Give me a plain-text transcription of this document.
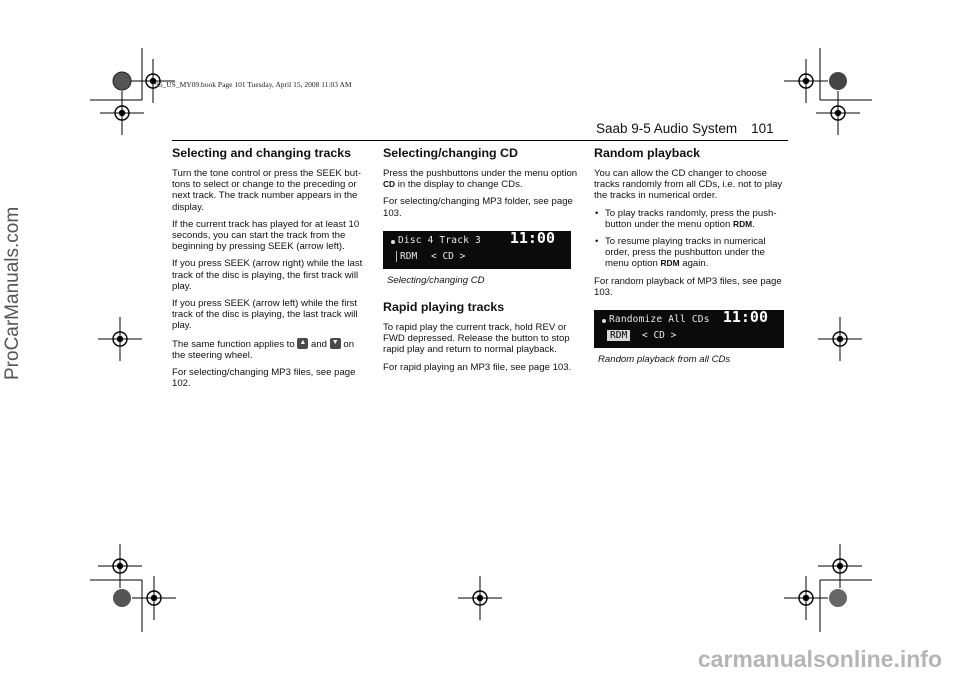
95_US_MY09.book Page 101 Tuesday, April 15, 2008 11:03 AM
Saab 9-5 Audio System 101
Selecting and changing tracks

Turn the tone control or press the SEEK but-tons to select or change to the preceding or next track. The track number appears in the display.

If the current track has played for at least 10 seconds, you can start the track from the beginning by pressing SEEK (arrow left).

If you press SEEK (arrow right) while the last track of the disc is playing, the first track will play.

If you press SEEK (arrow left) while the first track of the disc is playing, the last track will play.

The same function applies to ▲ and ▼ on the steering wheel.

For selecting/changing MP3 files, see page 102.

Selecting/changing CD

Press the pushbuttons under the menu option CD in the display to change CDs.

For selecting/changing MP3 folder, see page 103.

Disc 4 Track 3 11:00
RDM	< CD >
Selecting/changing CD
Rapid playing tracks

To rapid play the current track, hold REV or FWD depressed. Release the button to stop rapid play and return to normal playback.

For rapid playing an MP3 file, see page 103.

Random playback

You can allow the CD changer to choose tracks randomly from all CDs, i.e. not to play the tracks in numerical order.

• To play tracks randomly, press the push-button under the menu option RDM.
• To resume playing tracks in numerical order, press the pushbutton under the menu option RDM again.

For random playback of MP3 files, see page 103.

Randomize All CDs 11:00
RDM	< CD >
Random playback from all CDs
ProCarManuals.com
carmanualsonline.info
